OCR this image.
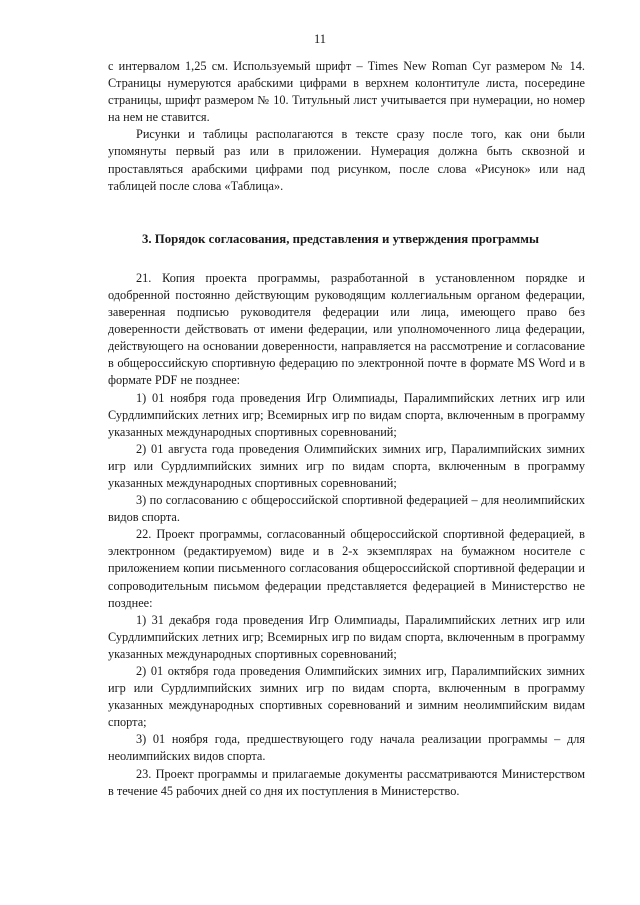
11

с интервалом 1,25 см. Используемый шрифт – Times New Roman Cyr размером № 14. Страницы нумеруются арабскими цифрами в верхнем колонтитуле листа, посередине страницы, шрифт размером № 10. Титульный лист учитывается при нумерации, но номер на нем не ставится.

Рисунки и таблицы располагаются в тексте сразу после того, как они были упомянуты первый раз или в приложении. Нумерация должна быть сквозной и проставляться арабскими цифрами под рисунком, после слова «Рисунок» или над таблицей после слова «Таблица».

3. Порядок согласования, представления и утверждения программы

21. Копия проекта программы, разработанной в установленном порядке и одобренной постоянно действующим руководящим коллегиальным органом федерации, заверенная подписью руководителя федерации или лица, имеющего право без доверенности действовать от имени федерации, или уполномоченного лица федерации, действующего на основании доверенности, направляется на рассмотрение и согласование в общероссийскую спортивную федерацию по электронной почте в формате MS Word и в формате PDF не позднее:

1) 01 ноября года проведения Игр Олимпиады, Паралимпийских летних игр или Сурдлимпийских летних игр; Всемирных игр по видам спорта, включенным в программу указанных международных спортивных соревнований;

2) 01 августа года проведения Олимпийских зимних игр, Паралимпийских зимних игр или Сурдлимпийских зимних игр по видам спорта, включенным в программу указанных международных спортивных соревнований;

3) по согласованию с общероссийской спортивной федерацией – для неолимпийских видов спорта.

22. Проект программы, согласованный общероссийской спортивной федерацией, в электронном (редактируемом) виде и в 2-х экземплярах на бумажном носителе с приложением копии письменного согласования общероссийской спортивной федерации и сопроводительным письмом федерации представляется федерацией в Министерство не позднее:

1) 31 декабря года проведения Игр Олимпиады, Паралимпийских летних игр или Сурдлимпийских летних игр; Всемирных игр по видам спорта, включенным в программу указанных международных спортивных соревнований;

2) 01 октября года проведения Олимпийских зимних игр, Паралимпийских зимних игр или Сурдлимпийских зимних игр по видам спорта, включенным в программу указанных международных спортивных соревнований и зимним неолимпийским видам спорта;

3) 01 ноября года, предшествующего году начала реализации программы – для неолимпийских видов спорта.

23. Проект программы и прилагаемые документы рассматриваются Министерством в течение 45 рабочих дней со дня их поступления в Министерство.
